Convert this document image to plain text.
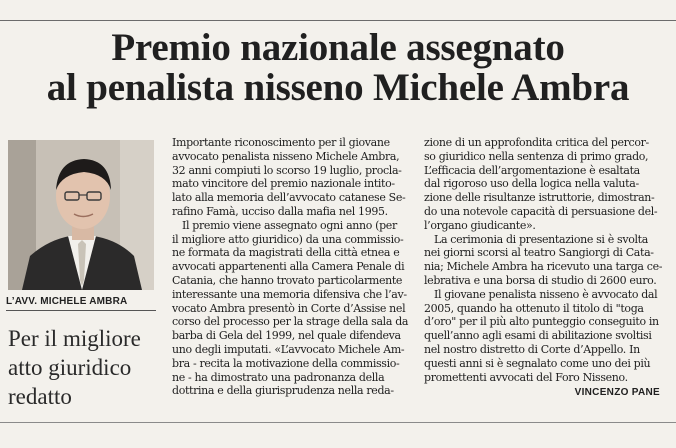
Premio nazionale assegnato
al penalista nisseno Michele Ambra
L’AVV. MICHELE AMBRA
Per il migliore
atto giuridico
redatto
Importante riconoscimento per il giovane
avvocato penalista nisseno Michele Ambra,
32 anni compiuti lo scorso 19 luglio, procla-
mato vincitore del premio nazionale intito-
lato alla memoria dell’avvocato catanese Se-
rafino Famà, ucciso dalla mafia nel 1995.
Il premio viene assegnato ogni anno (per
il migliore atto giuridico) da una commissio-
ne formata da magistrati della città etnea e
avvocati appartenenti alla Camera Penale di
Catania, che hanno trovato particolarmente
interessante una memoria difensiva che l’av-
vocato Ambra presentò in Corte d’Assise nel
corso del processo per la strage della sala da
barba di Gela del 1999, nel quale difendeva
uno degli imputati. «L’avvocato Michele Am-
bra - recita la motivazione della commissio-
ne - ha dimostrato una padronanza della
dottrina e della giurisprudenza nella reda-
zione di un approfondita critica del percor-
so giuridico nella sentenza di primo grado,
L’efficacia dell’argomentazione è esaltata
dal rigoroso uso della logica nella valuta-
zione delle risultanze istruttorie, dimostran-
do una notevole capacità di persuasione del-
l’organo giudicante».
La cerimonia di presentazione si è svolta
nei giorni scorsi al teatro Sangiorgi di Cata-
nia; Michele Ambra ha ricevuto una targa ce-
lebrativa e una borsa di studio di 2600 euro.
Il giovane penalista nisseno è avvocato dal
2005, quando ha ottenuto il titolo di "toga
d’oro" per il più alto punteggio conseguito in
quell’anno agli esami di abilitazione svoltisi
nel nostro distretto di Corte d’Appello. In
questi anni si è segnalato come uno dei più
promettenti avvocati del Foro Nisseno.
VINCENZO PANE
